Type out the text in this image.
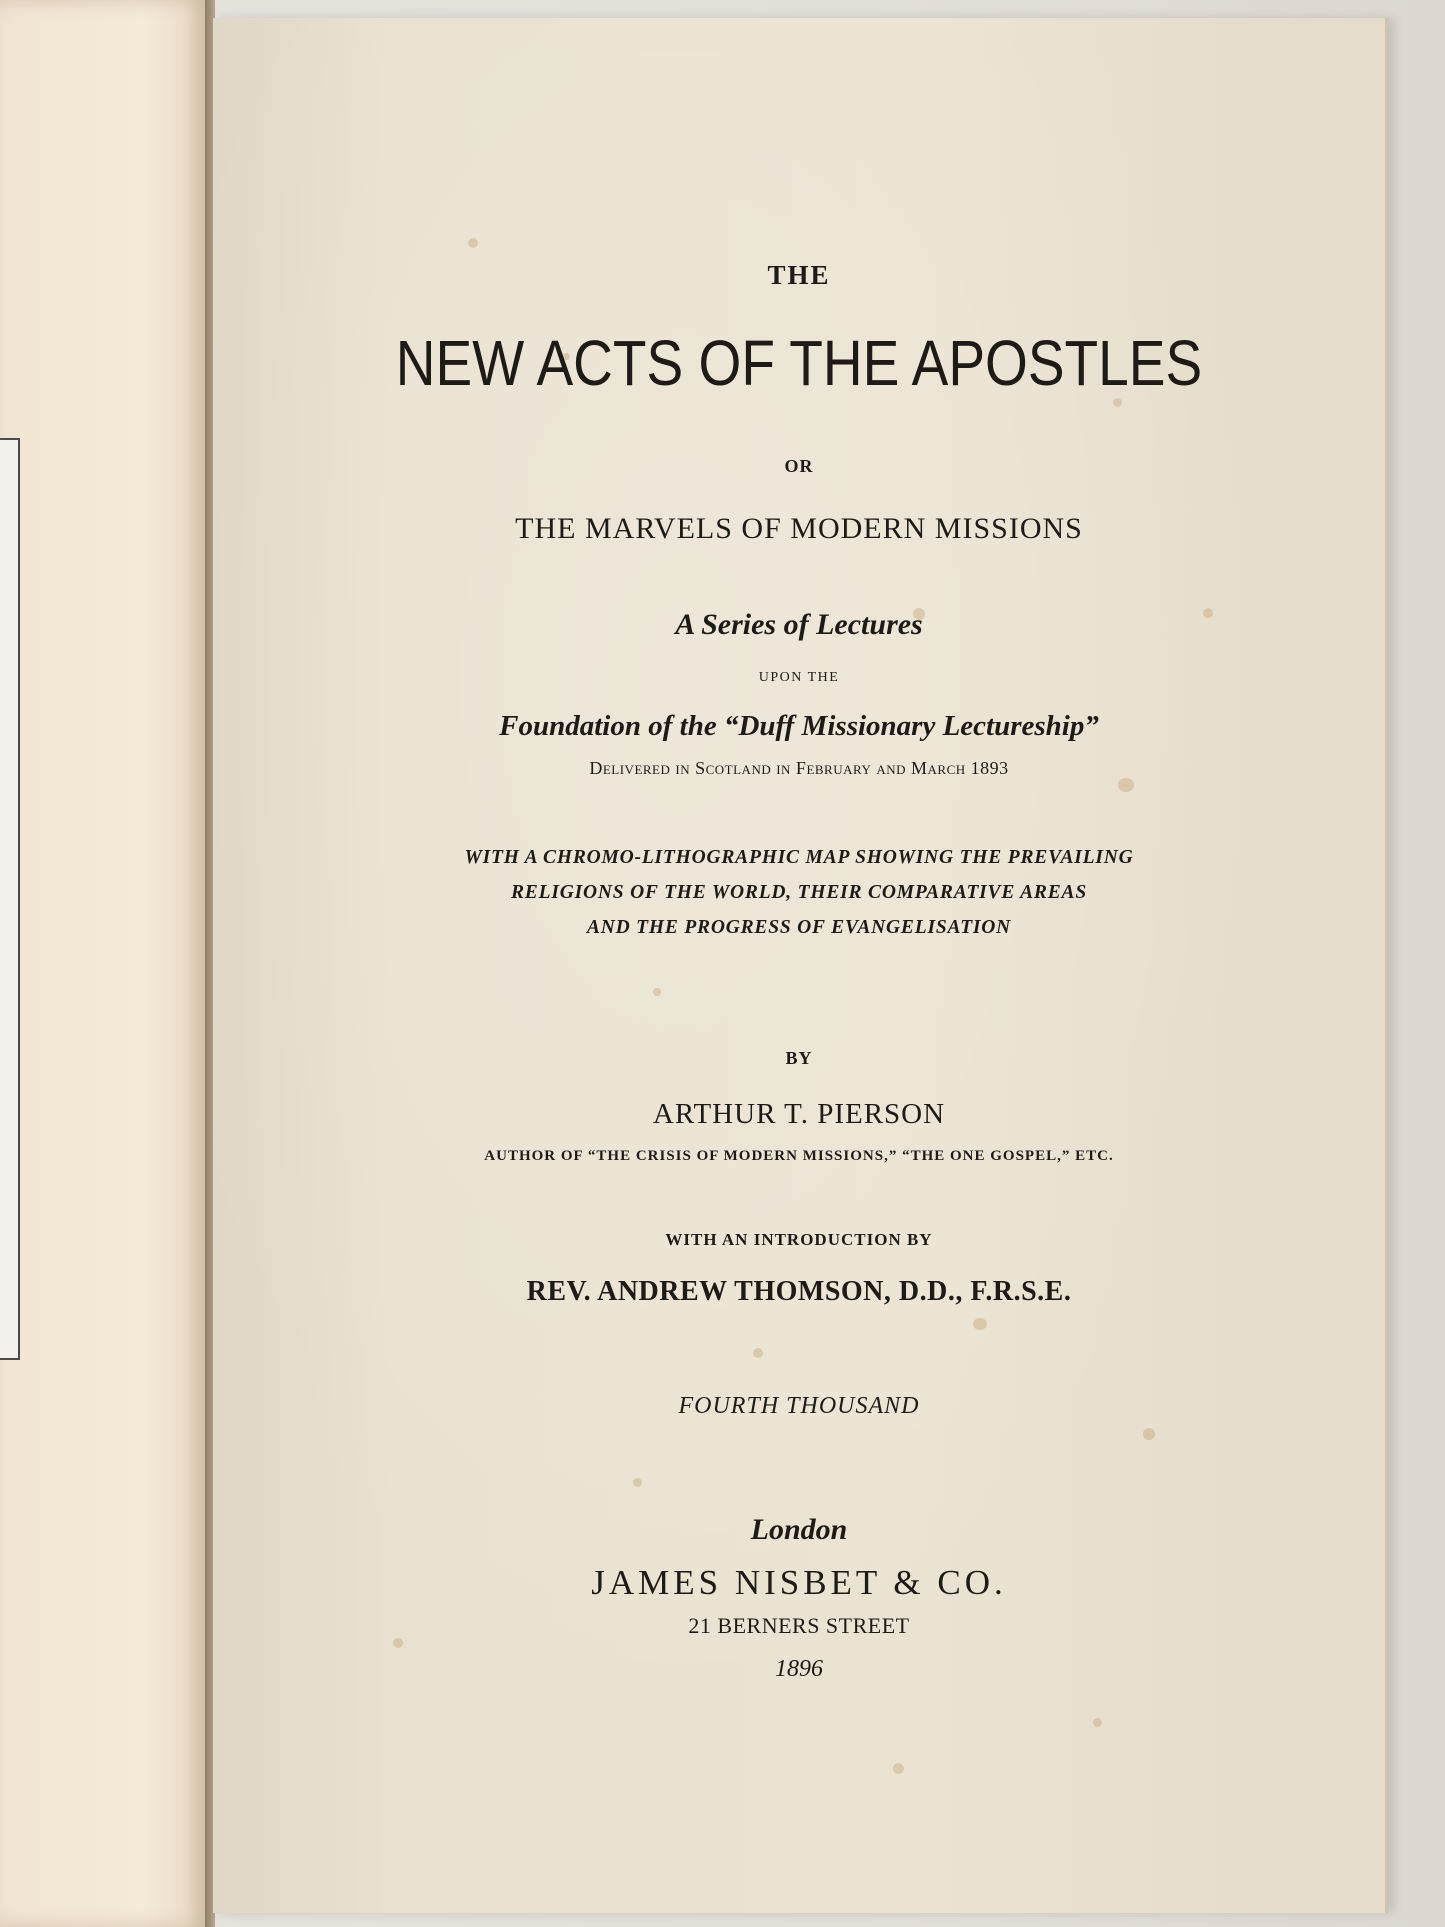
THE
NEW ACTS OF THE APOSTLES
OR
THE MARVELS OF MODERN MISSIONS
A Series of Lectures
UPON THE
Foundation of the “Duff Missionary Lectureship”
Delivered in Scotland in February and March 1893
WITH A CHROMO-LITHOGRAPHIC MAP SHOWING THE PREVAILING
RELIGIONS OF THE WORLD, THEIR COMPARATIVE AREAS
AND THE PROGRESS OF EVANGELISATION
BY
ARTHUR T. PIERSON
AUTHOR OF “THE CRISIS OF MODERN MISSIONS,” “THE ONE GOSPEL,” ETC.
WITH AN INTRODUCTION BY
REV. ANDREW THOMSON, D.D., F.R.S.E.
FOURTH THOUSAND
London
JAMES NISBET & CO.
21 BERNERS STREET
1896
